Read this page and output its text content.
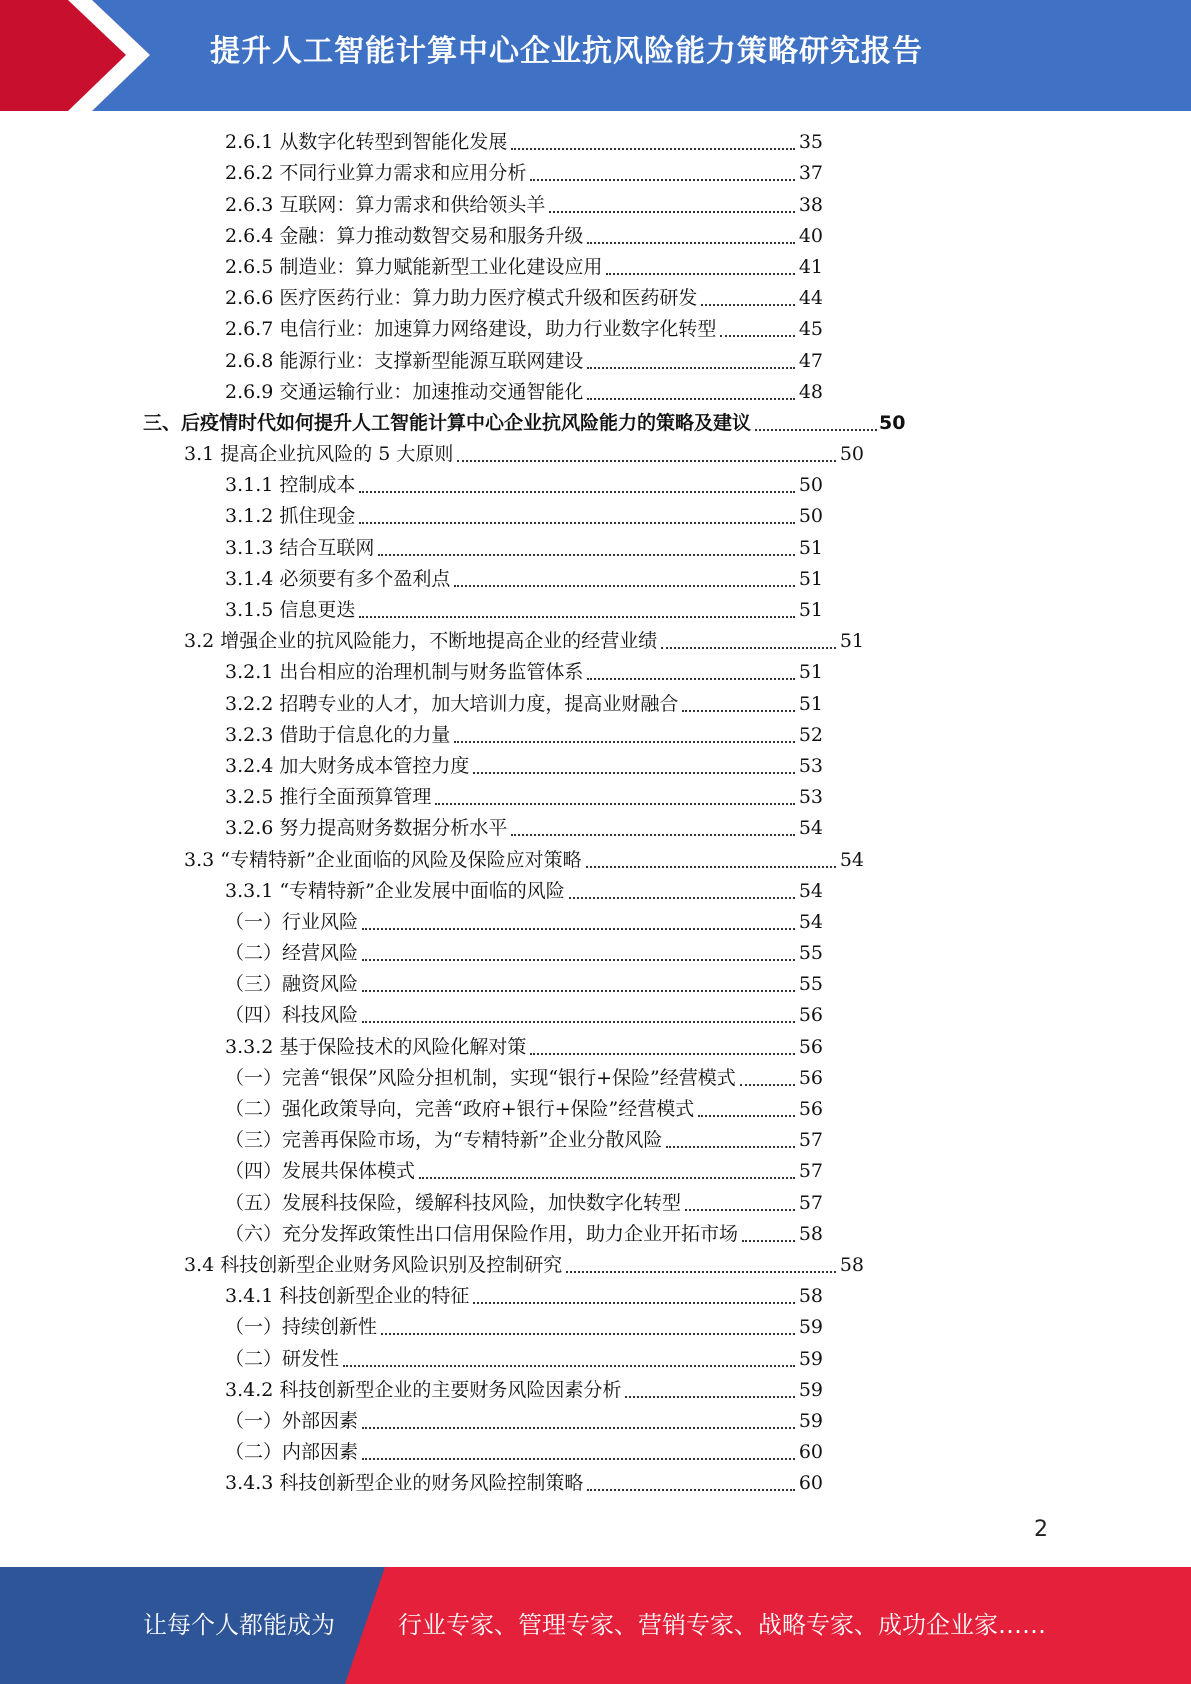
提升人工智能计算中心企业抗风险能力策略研究报告
2.6.1 从数字化转型到智能化发展	35
2.6.2 不同行业算力需求和应用分析	37
2.6.3 互联网：算力需求和供给领头羊	38
2.6.4 金融：算力推动数智交易和服务升级	40
2.6.5 制造业：算力赋能新型工业化建设应用	41
2.6.6 医疗医药行业：算力助力医疗模式升级和医药研发	44
2.6.7 电信行业：加速算力网络建设，助力行业数字化转型	45
2.6.8 能源行业：支撑新型能源互联网建设	47
2.6.9 交通运输行业：加速推动交通智能化	48
三、后疫情时代如何提升人工智能计算中心企业抗风险能力的策略及建议	50
3.1 提高企业抗风险的 5 大原则	50
3.1.1 控制成本	50
3.1.2 抓住现金	50
3.1.3 结合互联网	51
3.1.4 必须要有多个盈利点	51
3.1.5 信息更迭	51
3.2 增强企业的抗风险能力，不断地提高企业的经营业绩	51
3.2.1 出台相应的治理机制与财务监管体系	51
3.2.2 招聘专业的人才，加大培训力度，提高业财融合	51
3.2.3 借助于信息化的力量	52
3.2.4 加大财务成本管控力度	53
3.2.5 推行全面预算管理	53
3.2.6 努力提高财务数据分析水平	54
3.3 “专精特新”企业面临的风险及保险应对策略	54
3.3.1 “专精特新”企业发展中面临的风险	54
（一）行业风险	54
（二）经营风险	55
（三）融资风险	55
（四）科技风险	56
3.3.2 基于保险技术的风险化解对策	56
（一）完善“银保”风险分担机制，实现“银行+保险”经营模式	56
（二）强化政策导向，完善“政府+银行+保险”经营模式	56
（三）完善再保险市场，为“专精特新”企业分散风险	57
（四）发展共保体模式	57
（五）发展科技保险，缓解科技风险，加快数字化转型	57
（六）充分发挥政策性出口信用保险作用，助力企业开拓市场	58
3.4 科技创新型企业财务风险识别及控制研究	58
3.4.1 科技创新型企业的特征	58
（一）持续创新性	59
（二）研发性	59
3.4.2 科技创新型企业的主要财务风险因素分析	59
（一）外部因素	59
（二）内部因素	60
3.4.3 科技创新型企业的财务风险控制策略	60
2
让每个人都能成为	行业专家、管理专家、营销专家、战略专家、成功企业家……
